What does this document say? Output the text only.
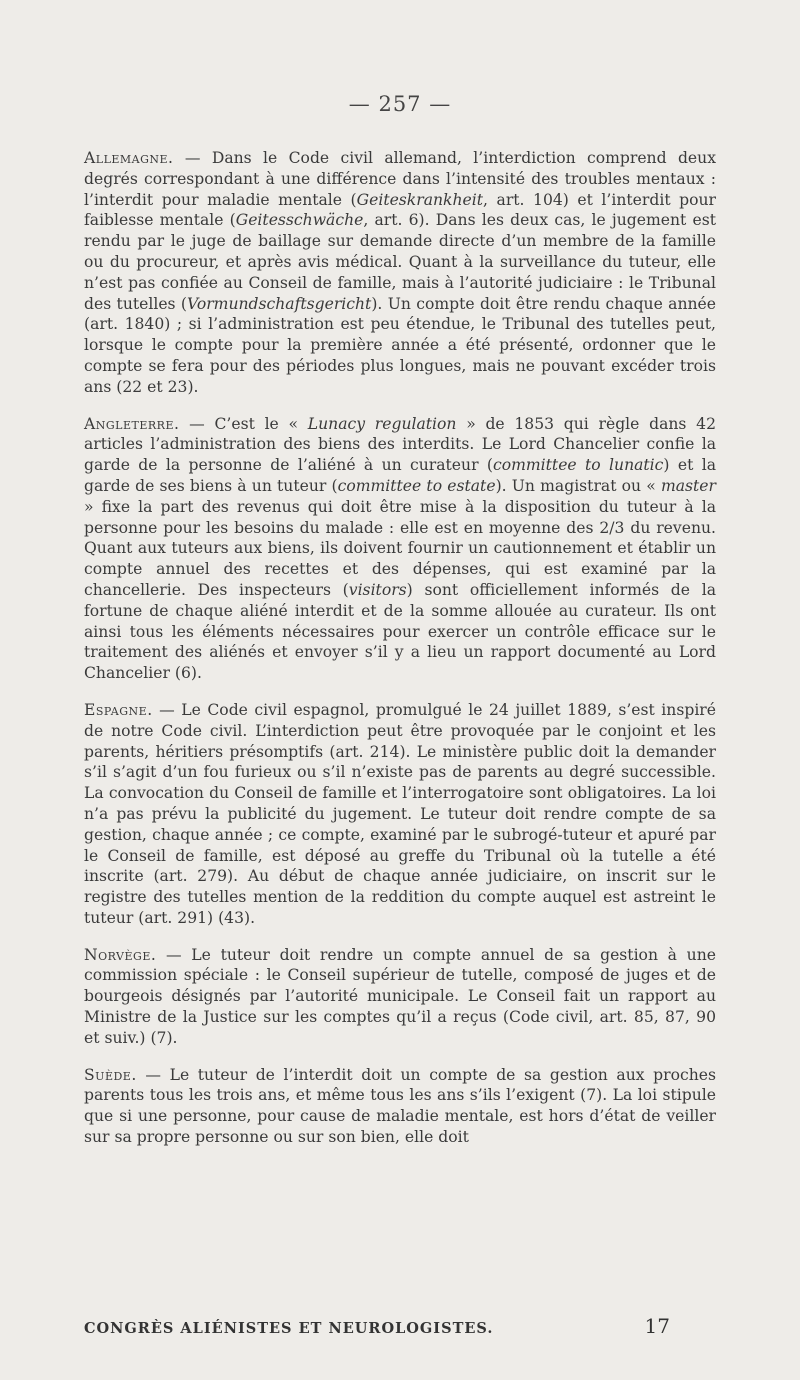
— 257 —

Allemagne. — Dans le Code civil allemand, l’interdiction comprend deux degrés correspondant à une différence dans l’intensité des troubles mentaux : l’interdit pour maladie mentale (Geiteskrankheit, art. 104) et l’interdit pour faiblesse mentale (Geitesschwäche, art. 6). Dans les deux cas, le jugement est rendu par le juge de baillage sur demande directe d’un membre de la famille ou du procureur, et après avis médical. Quant à la surveillance du tuteur, elle n’est pas confiée au Conseil de famille, mais à l’autorité judiciaire : le Tribunal des tutelles (Vormundschaftsgericht). Un compte doit être rendu chaque année (art. 1840) ; si l’administration est peu étendue, le Tribunal des tutelles peut, lorsque le compte pour la première année a été présenté, ordonner que le compte se fera pour des périodes plus longues, mais ne pouvant excéder trois ans (22 et 23).

Angleterre. — C’est le « Lunacy regulation » de 1853 qui règle dans 42 articles l’administration des biens des interdits. Le Lord Chancelier confie la garde de la personne de l’aliéné à un curateur (committee to lunatic) et la garde de ses biens à un tuteur (committee to estate). Un magistrat ou « master » fixe la part des revenus qui doit être mise à la disposition du tuteur à la personne pour les besoins du malade : elle est en moyenne des 2/3 du revenu. Quant aux tuteurs aux biens, ils doivent fournir un cautionnement et établir un compte annuel des recettes et des dépenses, qui est examiné par la chancellerie. Des inspecteurs (visitors) sont officiellement informés de la fortune de chaque aliéné interdit et de la somme allouée au curateur. Ils ont ainsi tous les éléments nécessaires pour exercer un contrôle efficace sur le traitement des aliénés et envoyer s’il y a lieu un rapport documenté au Lord Chancelier (6).

Espagne. — Le Code civil espagnol, promulgué le 24 juillet 1889, s’est inspiré de notre Code civil. L’interdiction peut être provoquée par le conjoint et les parents, héritiers présomptifs (art. 214). Le ministère public doit la demander s’il s’agit d’un fou furieux ou s’il n’existe pas de parents au degré successible. La convocation du Conseil de famille et l’interrogatoire sont obligatoires. La loi n’a pas prévu la publicité du jugement. Le tuteur doit rendre compte de sa gestion, chaque année ; ce compte, examiné par le subrogé-tuteur et apuré par le Conseil de famille, est déposé au greffe du Tribunal où la tutelle a été inscrite (art. 279). Au début de chaque année judiciaire, on inscrit sur le registre des tutelles mention de la reddition du compte auquel est astreint le tuteur (art. 291) (43).

Norvège. — Le tuteur doit rendre un compte annuel de sa gestion à une commission spéciale : le Conseil supérieur de tutelle, composé de juges et de bourgeois désignés par l’autorité municipale. Le Conseil fait un rapport au Ministre de la Justice sur les comptes qu’il a reçus (Code civil, art. 85, 87, 90 et suiv.) (7).

Suède. — Le tuteur de l’interdit doit un compte de sa gestion aux proches parents tous les trois ans, et même tous les ans s’ils l’exigent (7). La loi stipule que si une personne, pour cause de maladie mentale, est hors d’état de veiller sur sa propre personne ou sur son bien, elle doit

CONGRÈS ALIÉNISTES ET NEUROLOGISTES.	17
